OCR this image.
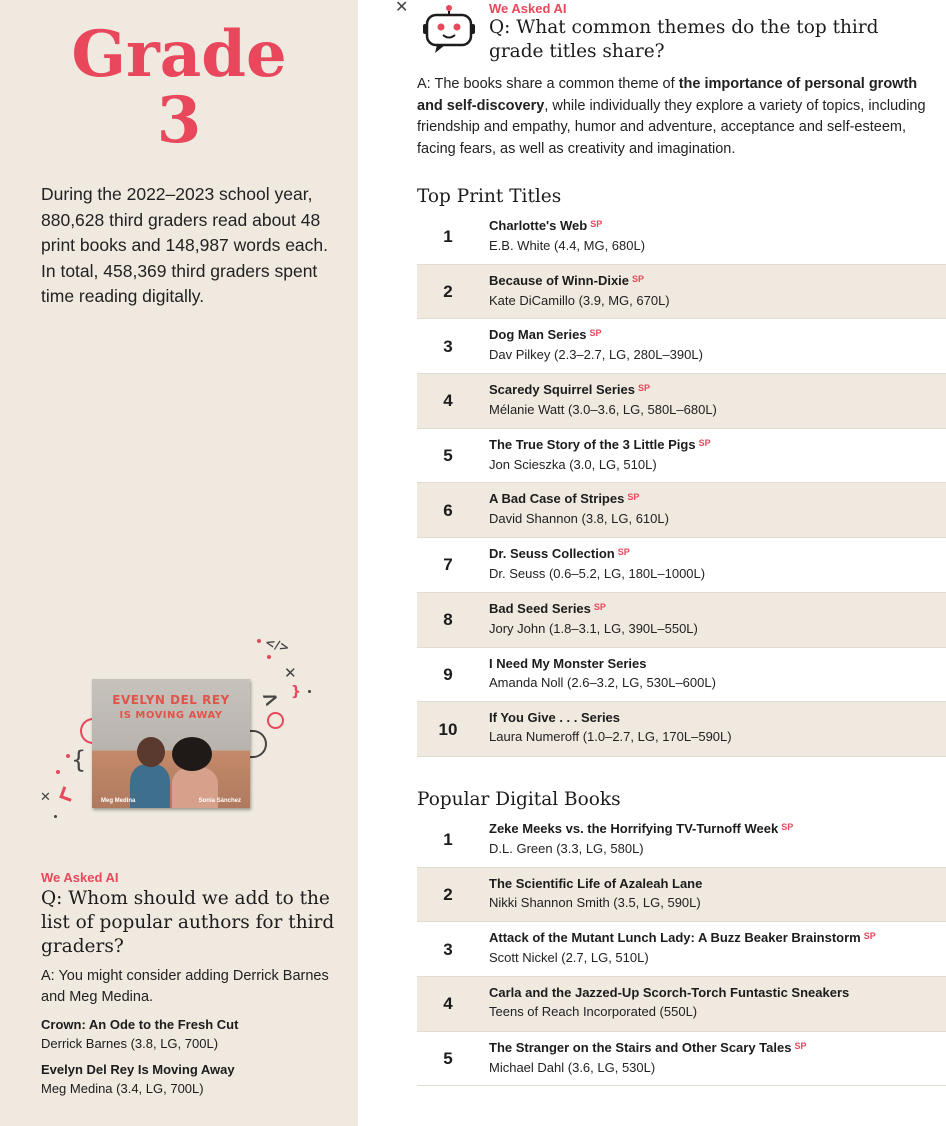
Grade
3

During the 2022–2023 school year, 880,628 third graders read about 48 print books and 148,987 words each. In total, 458,369 third graders spent time reading digitally.

</>
✕
}
>
{
✕
EVELYN DEL REY
IS MOVING AWAY
Meg Medina	Sonia Sánchez
We Asked AI
Q: Whom should we add to the list of popular authors for third graders?

A: You might consider adding Derrick Barnes and Meg Medina.

Crown: An Ode to the Fresh Cut
Derrick Barnes (3.8, LG, 700L)
Evelyn Del Rey Is Moving Away
Meg Medina (3.4, LG, 700L)
✕	We Asked AI
Q: What common themes do the top third grade titles share?

A: The books share a common theme of the importance of personal growth and self-discovery, while individually they explore a variety of topics, including friendship and empathy, humor and adventure, acceptance and self-esteem, facing fears, as well as creativity and imagination.

Top Print Titles
1
Charlotte's Web $^{SP}$
E.B. White (4.4, MG, 680L)
2
Because of Winn-Dixie $^{SP}$
Kate DiCamillo (3.9, MG, 670L)
3
Dog Man Series $^{SP}$
Dav Pilkey (2.3–2.7, LG, 280L–390L)
4
Scaredy Squirrel Series $^{SP}$
Mélanie Watt (3.0–3.6, LG, 580L–680L)
5
The True Story of the 3 Little Pigs $^{SP}$
Jon Scieszka (3.0, LG, 510L)
6
A Bad Case of Stripes $^{SP}$
David Shannon (3.8, LG, 610L)
7
Dr. Seuss Collection $^{SP}$
Dr. Seuss (0.6–5.2, LG, 180L–1000L)
8
Bad Seed Series $^{SP}$
Jory John (1.8–3.1, LG, 390L–550L)
9
I Need My Monster Series
Amanda Noll (2.6–3.2, LG, 530L–600L)
10
If You Give . . . Series
Laura Numeroff (1.0–2.7, LG, 170L–590L)
Popular Digital Books
1
Zeke Meeks vs. the Horrifying TV-Turnoff Week $^{SP}$
D.L. Green (3.3, LG, 580L)
2
The Scientific Life of Azaleah Lane
Nikki Shannon Smith (3.5, LG, 590L)
3
Attack of the Mutant Lunch Lady: A Buzz Beaker Brainstorm $^{SP}$
Scott Nickel (2.7, LG, 510L)
4
Carla and the Jazzed-Up Scorch-Torch Funtastic Sneakers
Teens of Reach Incorporated (550L)
5
The Stranger on the Stairs and Other Scary Tales $^{SP}$
Michael Dahl (3.6, LG, 530L)
